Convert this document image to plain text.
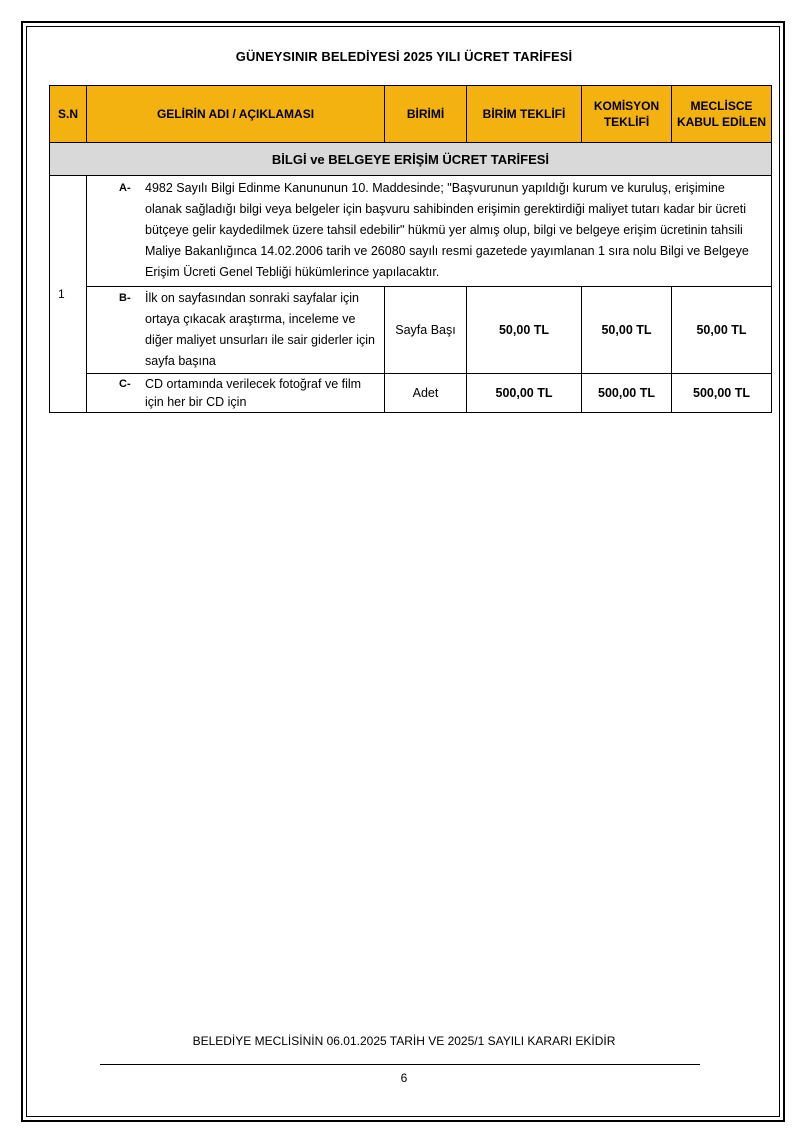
GÜNEYSINIR BELEDİYESİ 2025 YILI ÜCRET TARİFESİ
S.N	GELİRİN ADI / AÇIKLAMASI	BİRİMİ	BİRİM TEKLİFİ	KOMİSYON TEKLİFİ	MECLİSCE KABUL EDİLEN
BİLGİ ve BELGEYE ERİŞİM ÜCRET TARİFESİ					
1	A- 4982 Sayılı Bilgi Edinme Kanununun 10. Maddesinde; "Başvurunun yapıldığı kurum ve kuruluş, erişimine olanak sağladığı bilgi veya belgeler için başvuru sahibinden erişimin gerektirdiği maliyet tutarı kadar bir ücreti bütçeye gelir kaydedilmek üzere tahsil edebilir" hükmü yer almış olup, bilgi ve belgeye erişim ücretinin tahsili Maliye Bakanlığınca 14.02.2006 tarih ve 26080 sayılı resmi gazetede yayımlanan 1 sıra nolu Bilgi ve Belgeye Erişim Ücreti Genel Tebliği hükümlerince yapılacaktır.				

	B- İlk on sayfasından sonraki sayfalar için ortaya çıkacak araştırma, inceleme ve diğer maliyet unsurları ile sair giderler için sayfa başına	Sayfa Başı	50,00 TL	50,00 TL	50,00 TL

	C- CD ortamında verilecek fotoğraf ve film için her bir CD için	Adet	500,00 TL	500,00 TL	500,00 TL
BELEDİYE MECLİSİNİN 06.01.2025 TARİH VE 2025/1 SAYILI KARARI EKİDİR
6
